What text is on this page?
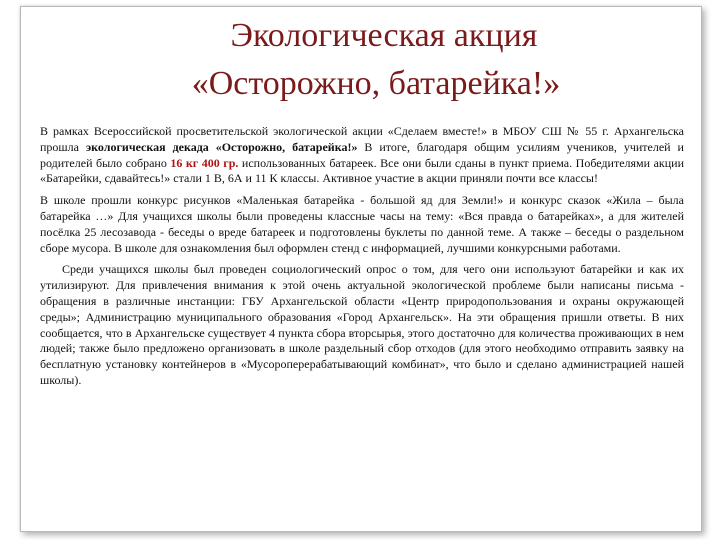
Экологическая акция
«Осторожно, батарейка!»

В рамках Всероссийской просветительской экологической акции «Сделаем вместе!» в МБОУ СШ № 55 г. Архангельска прошла экологическая декада «Осторожно, батарейка!» В итоге, благодаря общим усилиям учеников, учителей и родителей было собрано 16 кг 400 гр. использованных батареек. Все они были сданы в пункт приема. Победителями акции «Батарейки, сдавайтесь!» стали 1 В, 6А и 11 К классы. Активное участие в акции приняли почти все классы!

В школе прошли конкурс рисунков «Маленькая батарейка - большой яд для Земли!» и конкурс сказок «Жила – была батарейка …» Для учащихся школы были проведены классные часы на тему: «Вся правда о батарейках», а для жителей посёлка 25 лесозавода - беседы о вреде батареек и подготовлены буклеты по данной теме. А также – беседы о раздельном сборе мусора. В школе для ознакомления был оформлен стенд с информацией, лучшими конкурсными работами.

Среди учащихся школы был проведен социологический опрос о том, для чего они используют батарейки и как их утилизируют. Для привлечения внимания к этой очень актуальной экологической проблеме были написаны письма - обращения в различные инстанции: ГБУ Архангельской области «Центр природопользования и охраны окружающей среды»; Администрацию муниципального образования «Город Архангельск». На эти обращения пришли ответы. В них сообщается, что в Архангельске существует 4 пункта сбора вторсырья, этого достаточно для количества проживающих в нем людей; также было предложено организовать в школе раздельный сбор отходов (для этого необходимо отправить заявку на бесплатную установку контейнеров в «Мусороперерабатывающий комбинат», что было и сделано администрацией нашей школы).
